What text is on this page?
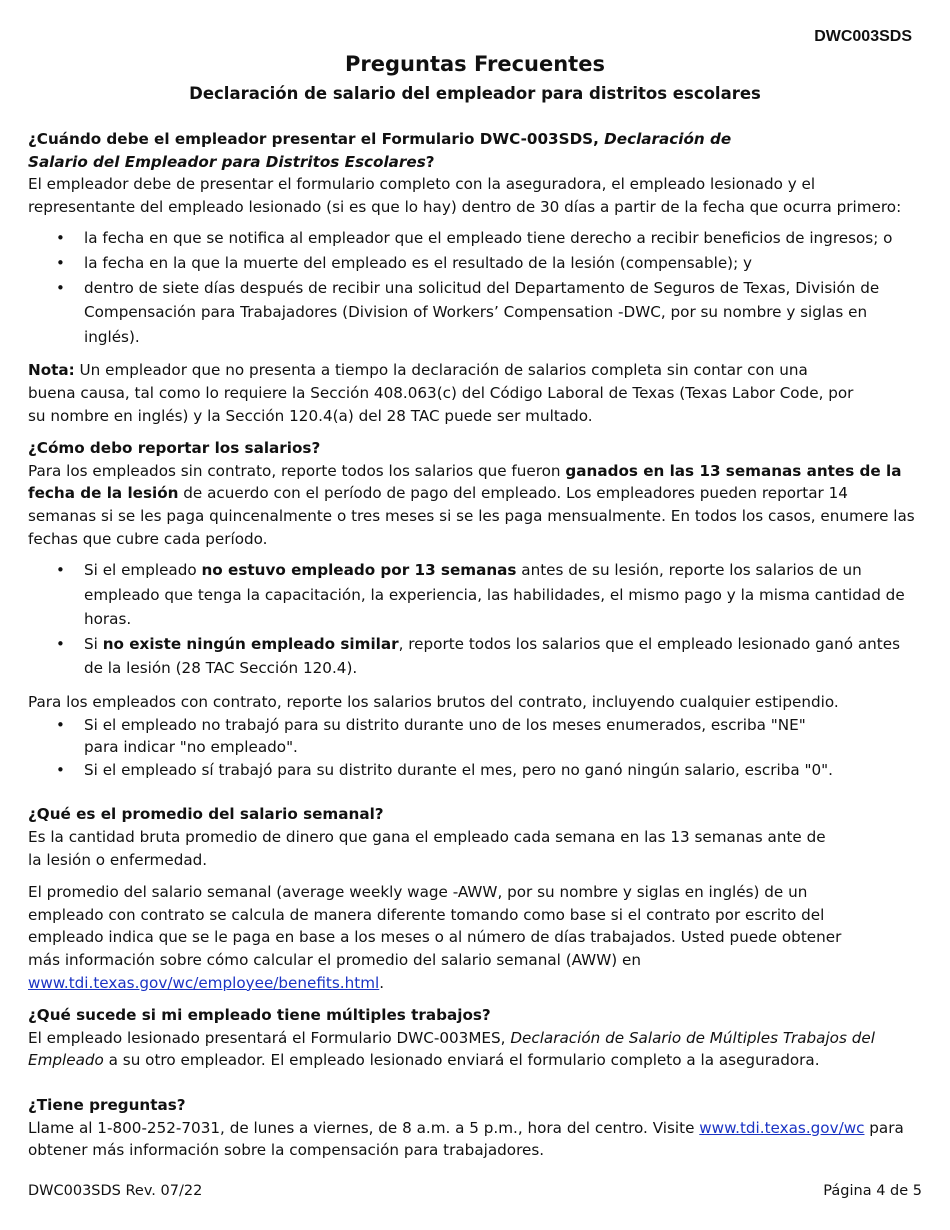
DWC003SDS
Preguntas Frecuentes
Declaración de salario del empleador para distritos escolares

¿Cuándo debe el empleador presentar el Formulario DWC-003SDS, Declaración de Salario del Empleador para Distritos Escolares?

El empleador debe de presentar el formulario completo con la aseguradora, el empleado lesionado y el representante del empleado lesionado (si es que lo hay) dentro de 30 días a partir de la fecha que ocurra primero:

• la fecha en que se notifica al empleador que el empleado tiene derecho a recibir beneficios de ingresos; o
• la fecha en la que la muerte del empleado es el resultado de la lesión (compensable); y
• dentro de siete días después de recibir una solicitud del Departamento de Seguros de Texas, División de Compensación para Trabajadores (Division of Workers’ Compensation -DWC, por su nombre y siglas en inglés).

Nota: Un empleador que no presenta a tiempo la declaración de salarios completa sin contar con una buena causa, tal como lo requiere la Sección 408.063(c) del Código Laboral de Texas (Texas Labor Code, por su nombre en inglés) y la Sección 120.4(a) del 28 TAC puede ser multado.

¿Cómo debo reportar los salarios?

Para los empleados sin contrato, reporte todos los salarios que fueron ganados en las 13 semanas antes de la fecha de la lesión de acuerdo con el período de pago del empleado. Los empleadores pueden reportar 14 semanas si se les paga quincenalmente o tres meses si se les paga mensualmente. En todos los casos, enumere las fechas que cubre cada período.

• Si el empleado no estuvo empleado por 13 semanas antes de su lesión, reporte los salarios de un empleado que tenga la capacitación, la experiencia, las habilidades, el mismo pago y la misma cantidad de horas.
• Si no existe ningún empleado similar, reporte todos los salarios que el empleado lesionado ganó antes de la lesión (28 TAC Sección 120.4).

Para los empleados con contrato, reporte los salarios brutos del contrato, incluyendo cualquier estipendio.

• Si el empleado no trabajó para su distrito durante uno de los meses enumerados, escriba "NE" para indicar "no empleado".
• Si el empleado sí trabajó para su distrito durante el mes, pero no ganó ningún salario, escriba "0".

¿Qué es el promedio del salario semanal?

Es la cantidad bruta promedio de dinero que gana el empleado cada semana en las 13 semanas ante de la lesión o enfermedad.

El promedio del salario semanal (average weekly wage -AWW, por su nombre y siglas en inglés) de un empleado con contrato se calcula de manera diferente tomando como base si el contrato por escrito del empleado indica que se le paga en base a los meses o al número de días trabajados. Usted puede obtener más información sobre cómo calcular el promedio del salario semanal (AWW) en www.tdi.texas.gov/wc/employee/benefits.html.

¿Qué sucede si mi empleado tiene múltiples trabajos?

El empleado lesionado presentará el Formulario DWC-003MES, Declaración de Salario de Múltiples Trabajos del Empleado a su otro empleador. El empleado lesionado enviará el formulario completo a la aseguradora.

¿Tiene preguntas?

Llame al 1-800-252-7031, de lunes a viernes, de 8 a.m. a 5 p.m., hora del centro. Visite www.tdi.texas.gov/wc para obtener más información sobre la compensación para trabajadores.

DWC003SDS Rev. 07/22	Página 4 de 5
